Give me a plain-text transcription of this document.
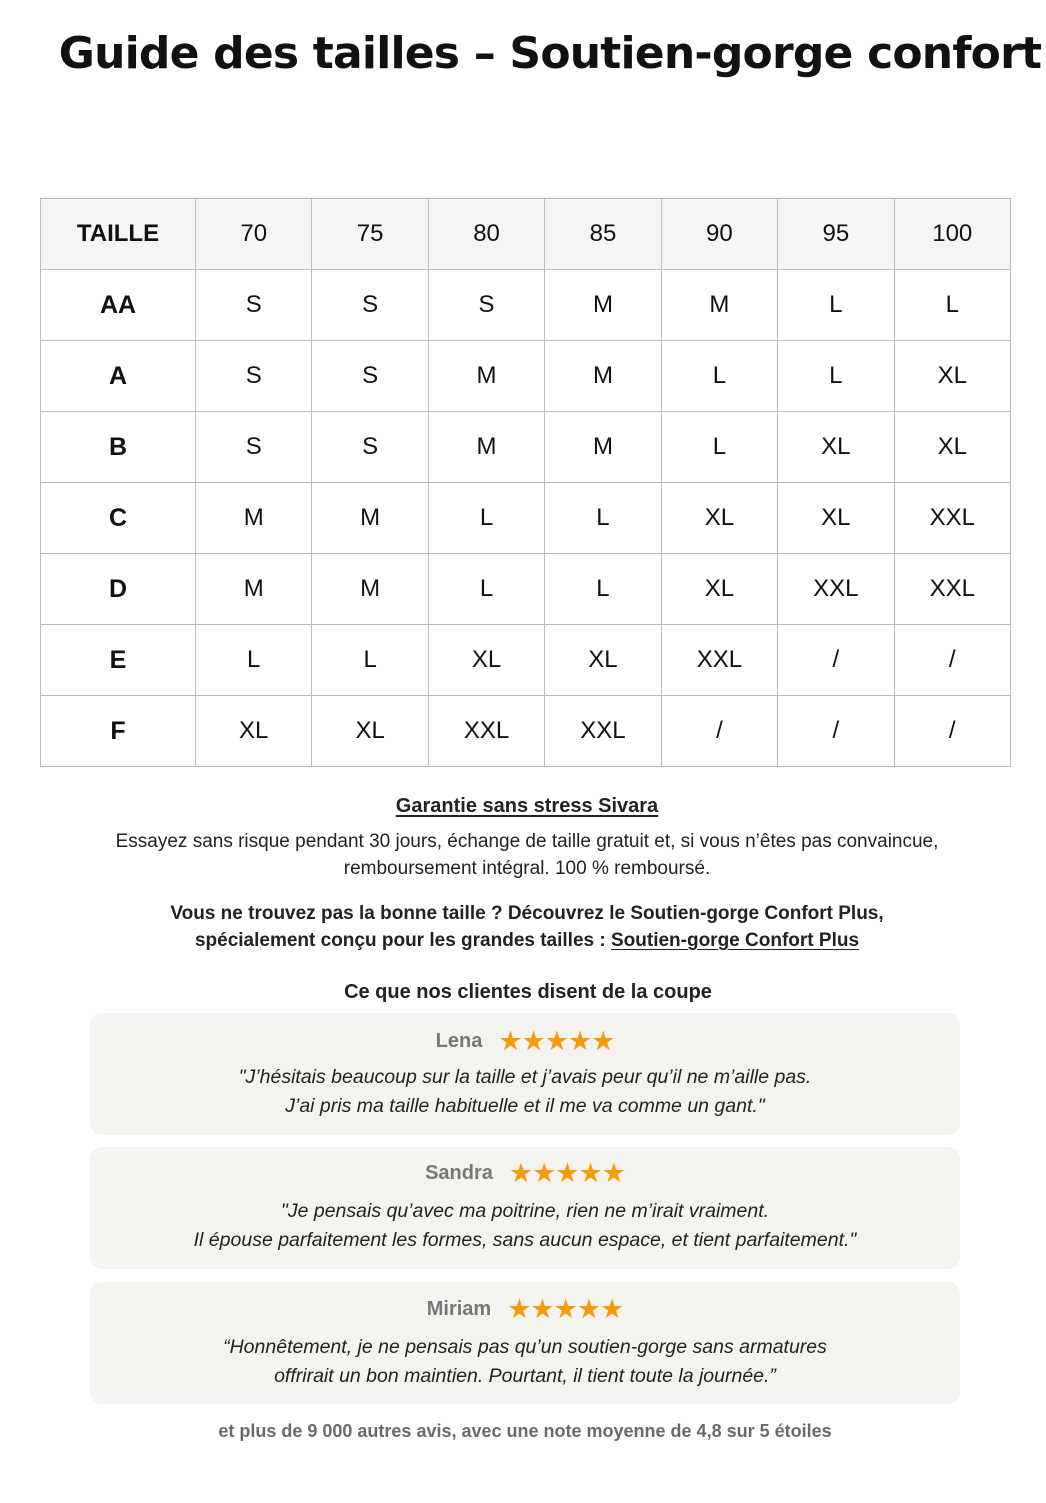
Guide des tailles – Soutien-gorge confort
TAILLE	70	75	80	85	90	95	100
AA	S	S	S	M	M	L	L
A	S	S	M	M	L	L	XL
B	S	S	M	M	L	XL	XL
C	M	M	L	L	XL	XL	XXL
D	M	M	L	L	XL	XXL	XXL
E	L	L	XL	XL	XXL	/	/
F	XL	XL	XXL	XXL	/	/	/

Garantie sans stress Sivara

Essayez sans risque pendant 30 jours, échange de taille gratuit et, si vous n’êtes pas convaincue,
remboursement intégral. 100 % remboursé.

Vous ne trouvez pas la bonne taille ? Découvrez le Soutien-gorge Confort Plus,
spécialement conçu pour les grandes tailles : Soutien-gorge Confort Plus

Ce que nos clientes disent de la coupe

Lena ★★★★★
"J’hésitais beaucoup sur la taille et j’avais peur qu’il ne m’aille pas.
J’ai pris ma taille habituelle et il me va comme un gant."
Sandra ★★★★★
"Je pensais qu’avec ma poitrine, rien ne m’irait vraiment.
Il épouse parfaitement les formes, sans aucun espace, et tient parfaitement."
Miriam ★★★★★
“Honnêtement, je ne pensais pas qu’un soutien-gorge sans armatures
offrirait un bon maintien. Pourtant, il tient toute la journée.”

et plus de 9 000 autres avis, avec une note moyenne de 4,8 sur 5 étoiles
